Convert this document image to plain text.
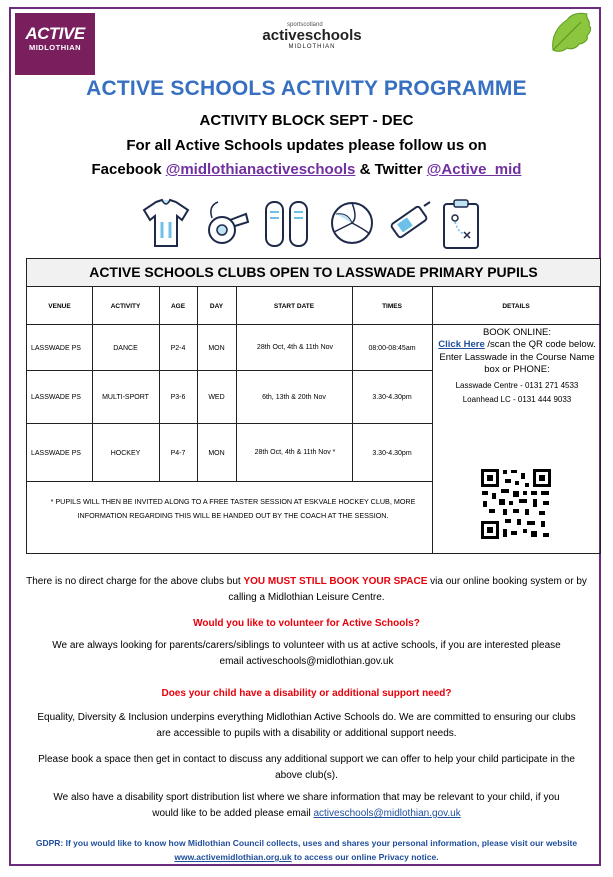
ACTIVE
MIDLOTHIAN
sportscotland
activeschools
MIDLOTHIAN
ACTIVE SCHOOLS ACTIVITY PROGRAMME
ACTIVITY BLOCK SEPT - DEC
For all Active Schools updates please follow us on
Facebook @midlothianactiveschools & Twitter @Active_mid
ACTIVE SCHOOLS CLUBS OPEN TO LASSWADE PRIMARY PUPILS
VENUE	ACTIVITY	AGE	DAY	START DATE	TIMES	DETAILS
LASSWADE PS	DANCE	P2-4	MON	28th Oct, 4th & 11th Nov	08:00-08:45am
LASSWADE PS	MULTI-SPORT	P3-6	WED	6th, 13th & 20th Nov	3.30-4.30pm
LASSWADE PS	HOCKEY	P4-7	MON	28th Oct, 4th & 11th Nov *	3.30-4.30pm
BOOK ONLINE:
Click Here /scan the QR code below.
Enter Lasswade in the Course Name box or PHONE:
Lasswade Centre - 0131 271 4533
Loanhead LC - 0131 444 9033
* PUPILS WILL THEN BE INVITED ALONG TO A FREE TASTER SESSION AT ESKVALE HOCKEY CLUB, MORE INFORMATION REGARDING THIS WILL BE HANDED OUT BY THE COACH AT THE SESSION.
There is no direct charge for the above clubs but YOU MUST STILL BOOK YOUR SPACE via our online booking system or by calling a Midlothian Leisure Centre.
Would you like to volunteer for Active Schools?
We are always looking for parents/carers/siblings to volunteer with us at active schools, if you are interested please email activeschools@midlothian.gov.uk
Does your child have a disability or additional support need?
Equality, Diversity & Inclusion underpins everything Midlothian Active Schools do. We are committed to ensuring our clubs are accessible to pupils with a disability or additional support needs.
Please book a space then get in contact to discuss any additional support we can offer to help your child participate in the above club(s).
We also have a disability sport distribution list where we share information that may be relevant to your child, if you would like to be added please email activeschools@midlothian.gov.uk
GDPR: If you would like to know how Midlothian Council collects, uses and shares your personal information, please visit our website www.activemidlothian.org.uk to access our online Privacy notice.
